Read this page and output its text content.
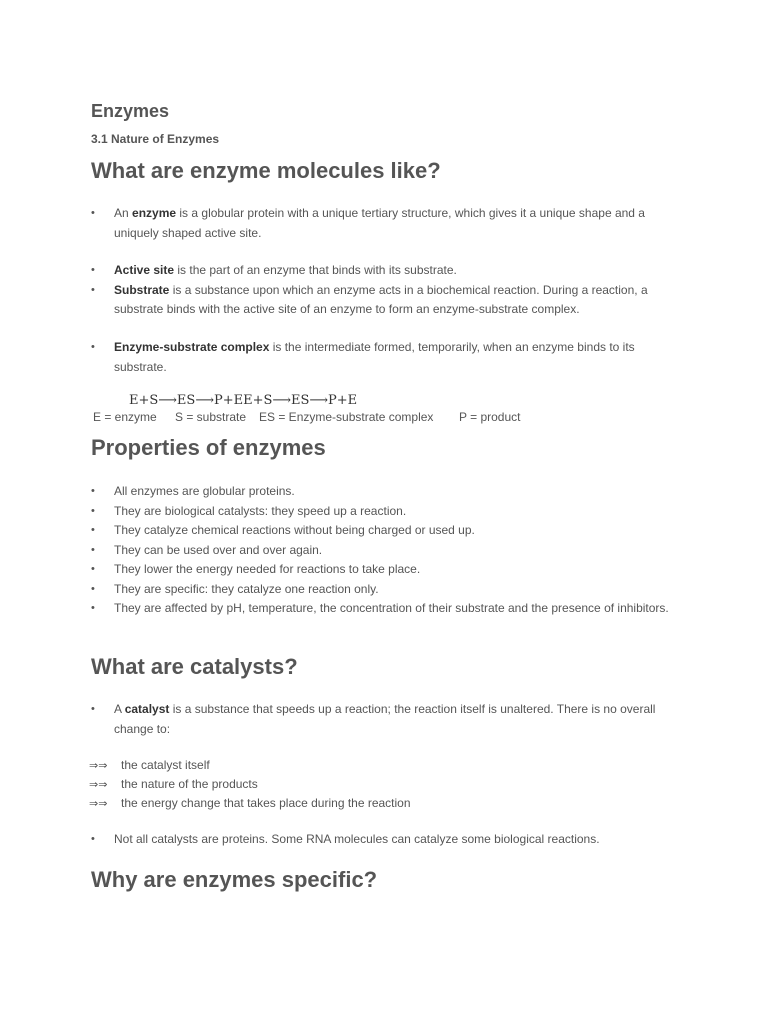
Enzymes
3.1 Nature of Enzymes
What are enzyme molecules like?
• An enzyme is a globular protein with a unique tertiary structure, which gives it a unique shape and a uniquely shaped active site.
• Active site is the part of an enzyme that binds with its substrate.
• Substrate is a substance upon which an enzyme acts in a biochemical reaction. During a reaction, a substrate binds with the active site of an enzyme to form an enzyme-substrate complex.
• Enzyme-substrate complex is the intermediate formed, temporarily, when an enzyme binds to its substrate.
E+S⟶ES⟶P+EE+S⟶ES⟶P+E
E = enzyme S = substrate ES = Enzyme-substrate complex P = product
Properties of enzymes
• All enzymes are globular proteins.
• They are biological catalysts: they speed up a reaction.
• They catalyze chemical reactions without being charged or used up.
• They can be used over and over again.
• They lower the energy needed for reactions to take place.
• They are specific: they catalyze one reaction only.
• They are affected by pH, temperature, the concentration of their substrate and the presence of inhibitors.
What are catalysts?
• A catalyst is a substance that speeds up a reaction; the reaction itself is unaltered. There is no overall change to:
⇒⇒ the catalyst itself
⇒⇒ the nature of the products
⇒⇒ the energy change that takes place during the reaction
• Not all catalysts are proteins. Some RNA molecules can catalyze some biological reactions.
Why are enzymes specific?
